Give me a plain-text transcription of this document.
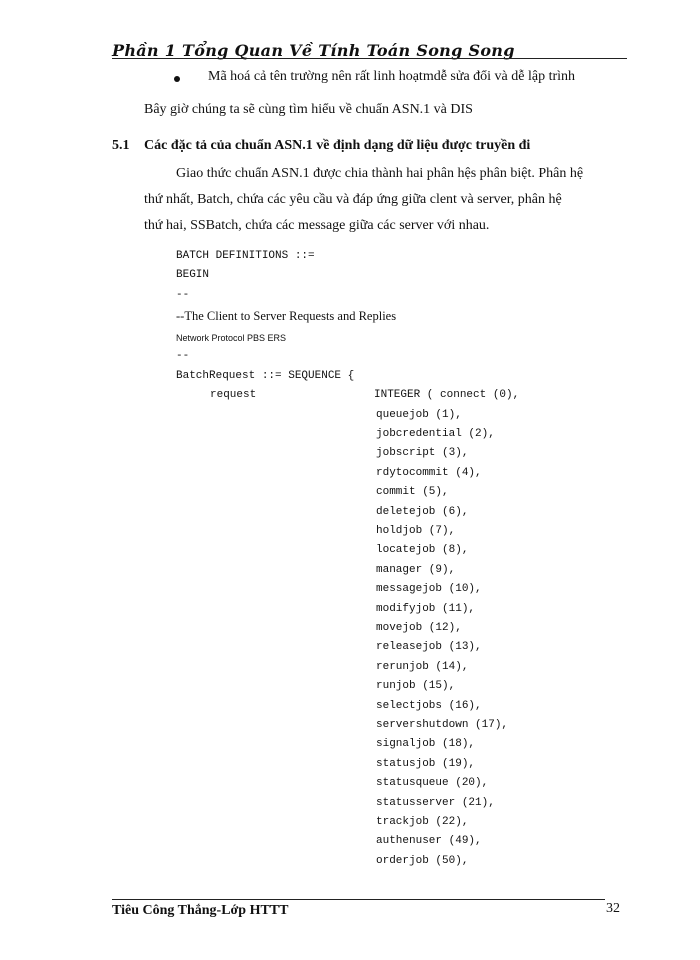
Phần 1 Tổng Quan Về Tính Toán Song Song
Mã hoá cả tên trường nên rất linh hoạtmdễ sửa đổi và dễ lập trình
Bây giờ chúng ta sẽ cùng tìm hiểu về chuẩn ASN.1 và DIS
5.1 Các đặc tả của chuẩn ASN.1 về định dạng dữ liệu được truyền đi
Giao thức chuẩn ASN.1 được chia thành hai phân hệs phân biệt. Phân hệ
thứ nhất, Batch, chứa các yêu cầu và đáp ứng giữa clent và server, phân hệ
thứ hai, SSBatch, chứa các message giữa các server với nhau.
BATCH DEFINITIONS ::=
BEGIN
--
--The Client to Server Requests and Replies
Network Protocol PBS ERS
--
BatchRequest ::= SEQUENCE {
request	INTEGER ( connect (0),
queuejob (1),
jobcredential (2),
jobscript (3),
rdytocommit (4),
commit (5),
deletejob (6),
holdjob (7),
locatejob (8),
manager (9),
messagejob (10),
modifyjob (11),
movejob (12),
releasejob (13),
rerunjob (14),
runjob (15),
selectjobs (16),
servershutdown (17),
signaljob (18),
statusjob (19),
statusqueue (20),
statusserver (21),
trackjob (22),
authenuser (49),
orderjob (50),
Tiêu Công Thắng-Lớp HTTT	32
